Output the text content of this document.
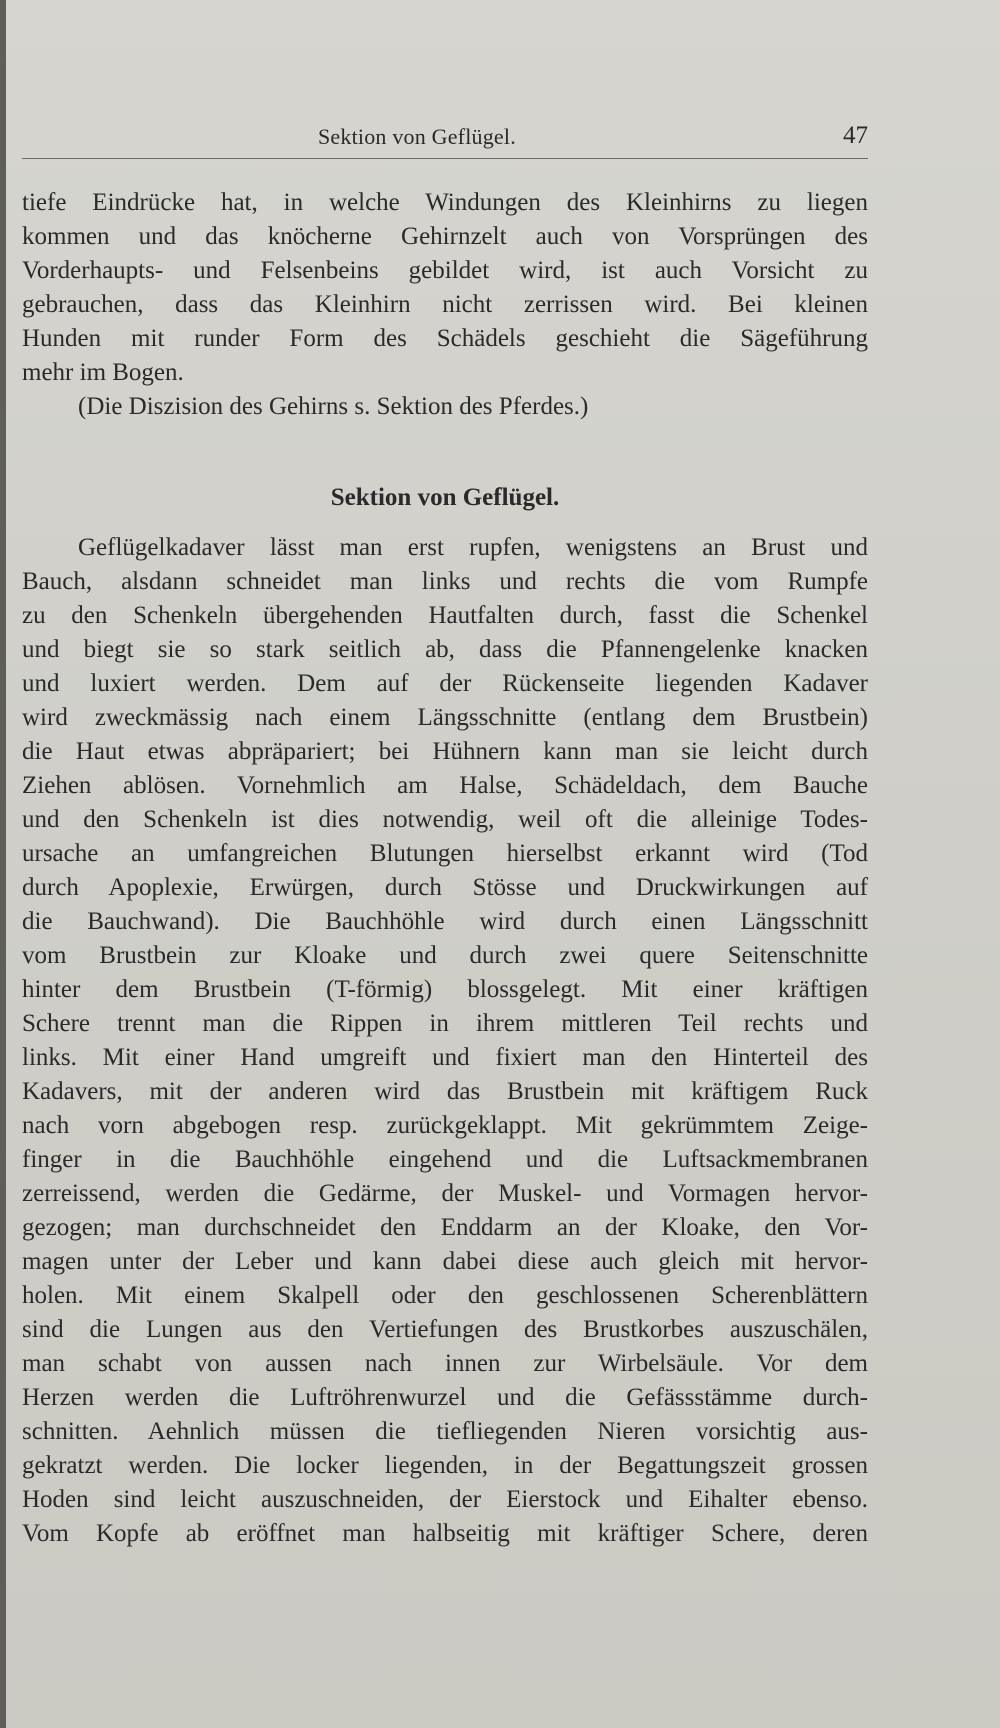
Sektion von Geflügel.	47
tiefe Eindrücke hat, in welche Windungen des Kleinhirns zu liegen
kommen und das knöcherne Gehirnzelt auch von Vorsprüngen des
Vorderhaupts- und Felsenbeins gebildet wird, ist auch Vorsicht zu
gebrauchen, dass das Kleinhirn nicht zerrissen wird. Bei kleinen
Hunden mit runder Form des Schädels geschieht die Sägeführung
mehr im Bogen.
(Die Diszision des Gehirns s. Sektion des Pferdes.)
Sektion von Geflügel.
Geflügelkadaver lässt man erst rupfen, wenigstens an Brust und
Bauch, alsdann schneidet man links und rechts die vom Rumpfe
zu den Schenkeln übergehenden Hautfalten durch, fasst die Schenkel
und biegt sie so stark seitlich ab, dass die Pfannengelenke knacken
und luxiert werden. Dem auf der Rückenseite liegenden Kadaver
wird zweckmässig nach einem Längsschnitte (entlang dem Brustbein)
die Haut etwas abpräpariert; bei Hühnern kann man sie leicht durch
Ziehen ablösen. Vornehmlich am Halse, Schädeldach, dem Bauche
und den Schenkeln ist dies notwendig, weil oft die alleinige Todes-
ursache an umfangreichen Blutungen hierselbst erkannt wird (Tod
durch Apoplexie, Erwürgen, durch Stösse und Druckwirkungen auf
die Bauchwand). Die Bauchhöhle wird durch einen Längsschnitt
vom Brustbein zur Kloake und durch zwei quere Seitenschnitte
hinter dem Brustbein (T-förmig) blossgelegt. Mit einer kräftigen
Schere trennt man die Rippen in ihrem mittleren Teil rechts und
links. Mit einer Hand umgreift und fixiert man den Hinterteil des
Kadavers, mit der anderen wird das Brustbein mit kräftigem Ruck
nach vorn abgebogen resp. zurückgeklappt. Mit gekrümmtem Zeige-
finger in die Bauchhöhle eingehend und die Luftsackmembranen
zerreissend, werden die Gedärme, der Muskel- und Vormagen hervor-
gezogen; man durchschneidet den Enddarm an der Kloake, den Vor-
magen unter der Leber und kann dabei diese auch gleich mit hervor-
holen. Mit einem Skalpell oder den geschlossenen Scherenblättern
sind die Lungen aus den Vertiefungen des Brustkorbes auszuschälen,
man schabt von aussen nach innen zur Wirbelsäule. Vor dem
Herzen werden die Luftröhrenwurzel und die Gefässstämme durch-
schnitten. Aehnlich müssen die tiefliegenden Nieren vorsichtig aus-
gekratzt werden. Die locker liegenden, in der Begattungszeit grossen
Hoden sind leicht auszuschneiden, der Eierstock und Eihalter ebenso.
Vom Kopfe ab eröffnet man halbseitig mit kräftiger Schere, deren
